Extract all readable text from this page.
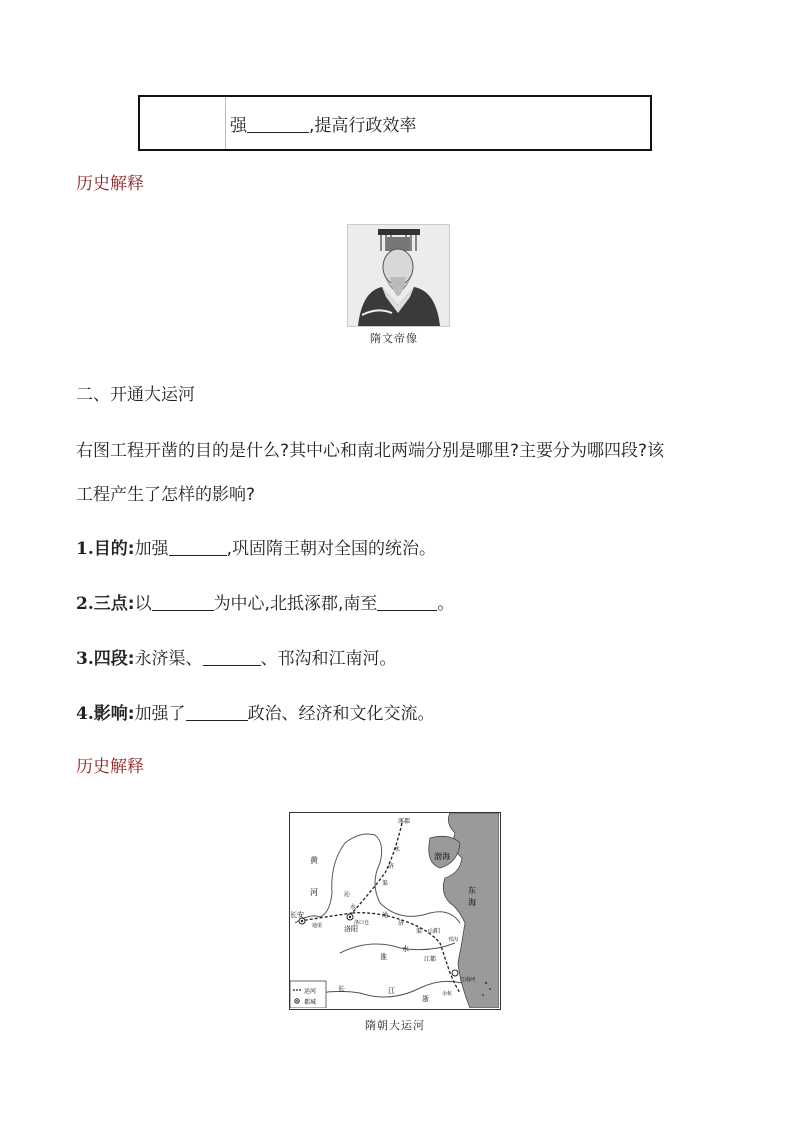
强	,提高行政效率
历史解释
隋文帝像
二、开通大运河
右图工程开凿的目的是什么?其中心和南北两端分别是哪里?主要分为哪四段?该
工程产生了怎样的影响?
1.目的:加强	,巩固隋王朝对全国的统治。
2.三点:以	为中心,北抵涿郡,南至	。
3.四段:永济渠、	、邗沟和江南河。
4.影响:加强了	政治、经济和文化交流。
历史解释
涿郡
渤海
东
海
黄
河
长安
通渠	洛阳
沁
水
洛口仓
永
济
渠
通
济
渠 山阳
邗沟
淮
水
江都
江南河
余杭
长	江
浙
运河
都城
隋朝大运河
